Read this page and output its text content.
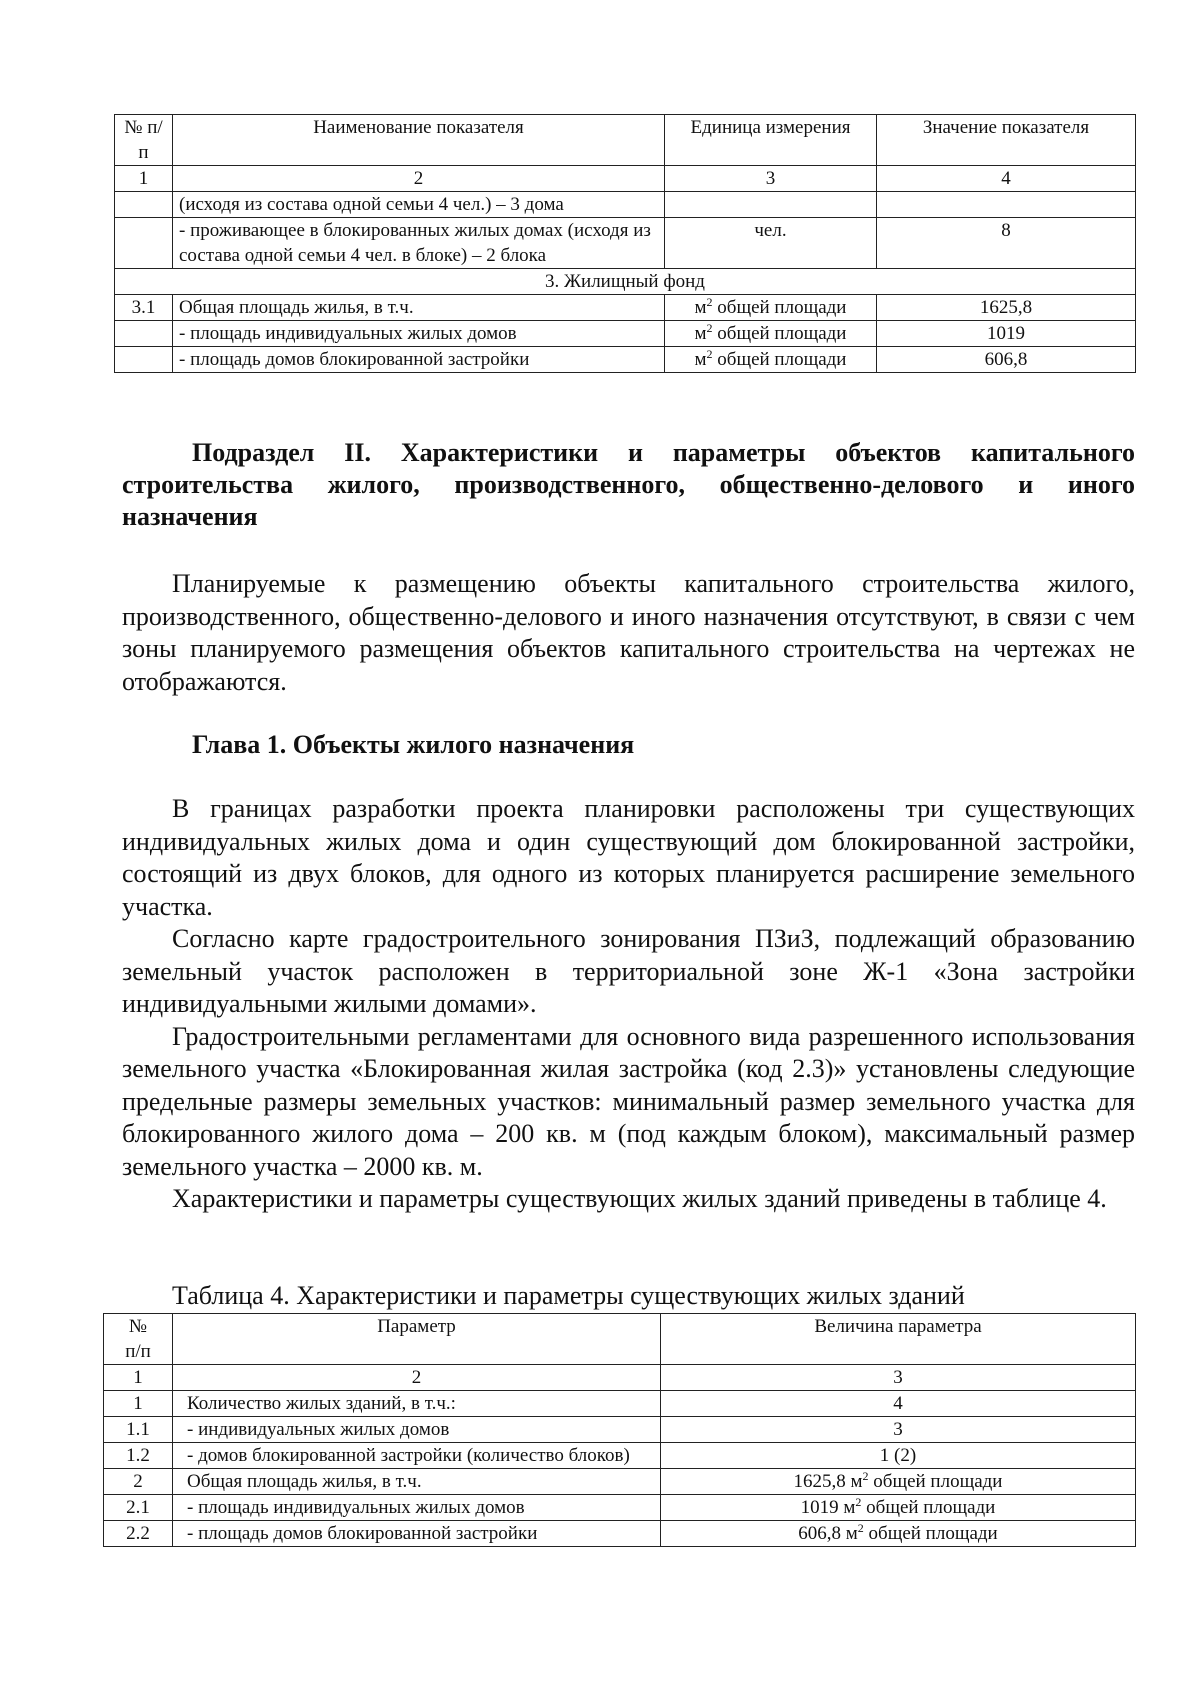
№ п/п	Наименование показателя	Единица измерения	Значение показателя
1	2	3	4
	(исходя из состава одной семьи 4 чел.) – 3 дома		
	- проживающее в блокированных жилых домах (исходя из состава одной семьи 4 чел. в блоке) – 2 блока	чел.	8
3. Жилищный фонд			
3.1	Общая площадь жилья, в т.ч.	$м^2$ общей площади	1625,8
	- площадь индивидуальных жилых домов	$м^2$ общей площади	1019
	- площадь домов блокированной застройки	$м^2$ общей площади	606,8
Подраздел II. Характеристики и параметры объектов капитального строительства жилого, производственного, общественно-делового и иного назначения

Планируемые к размещению объекты капитального строительства жилого, производственного, общественно-делового и иного назначения отсутствуют, в связи с чем зоны планируемого размещения объектов капитального строительства на чертежах не отображаются.

Глава 1. Объекты жилого назначения

В границах разработки проекта планировки расположены три существующих индивидуальных жилых дома и один существующий дом блокированной застройки, состоящий из двух блоков, для одного из которых планируется расширение земельного участка.

Согласно карте градостроительного зонирования ПЗиЗ, подлежащий образованию земельный участок расположен в территориальной зоне Ж-1 «Зона застройки индивидуальными жилыми домами».

Градостроительными регламентами для основного вида разрешенного использования земельного участка «Блокированная жилая застройка (код 2.3)» установлены следующие предельные размеры земельных участков: минимальный размер земельного участка для блокированного жилого дома – 200 кв. м (под каждым блоком), максимальный размер земельного участка – 2000 кв. м.

Характеристики и параметры существующих жилых зданий приведены в таблице 4.

Таблица 4. Характеристики и параметры существующих жилых зданий
№ п/п	Параметр	Величина параметра
1	2	3
1	Количество жилых зданий, в т.ч.:	4
1.1	- индивидуальных жилых домов	3
1.2	- домов блокированной застройки (количество блоков)	1 (2)
2	Общая площадь жилья, в т.ч.	1625,8 $м^2$ общей площади
2.1	- площадь индивидуальных жилых домов	1019 $м^2$ общей площади
2.2	- площадь домов блокированной застройки	606,8 $м^2$ общей площади
